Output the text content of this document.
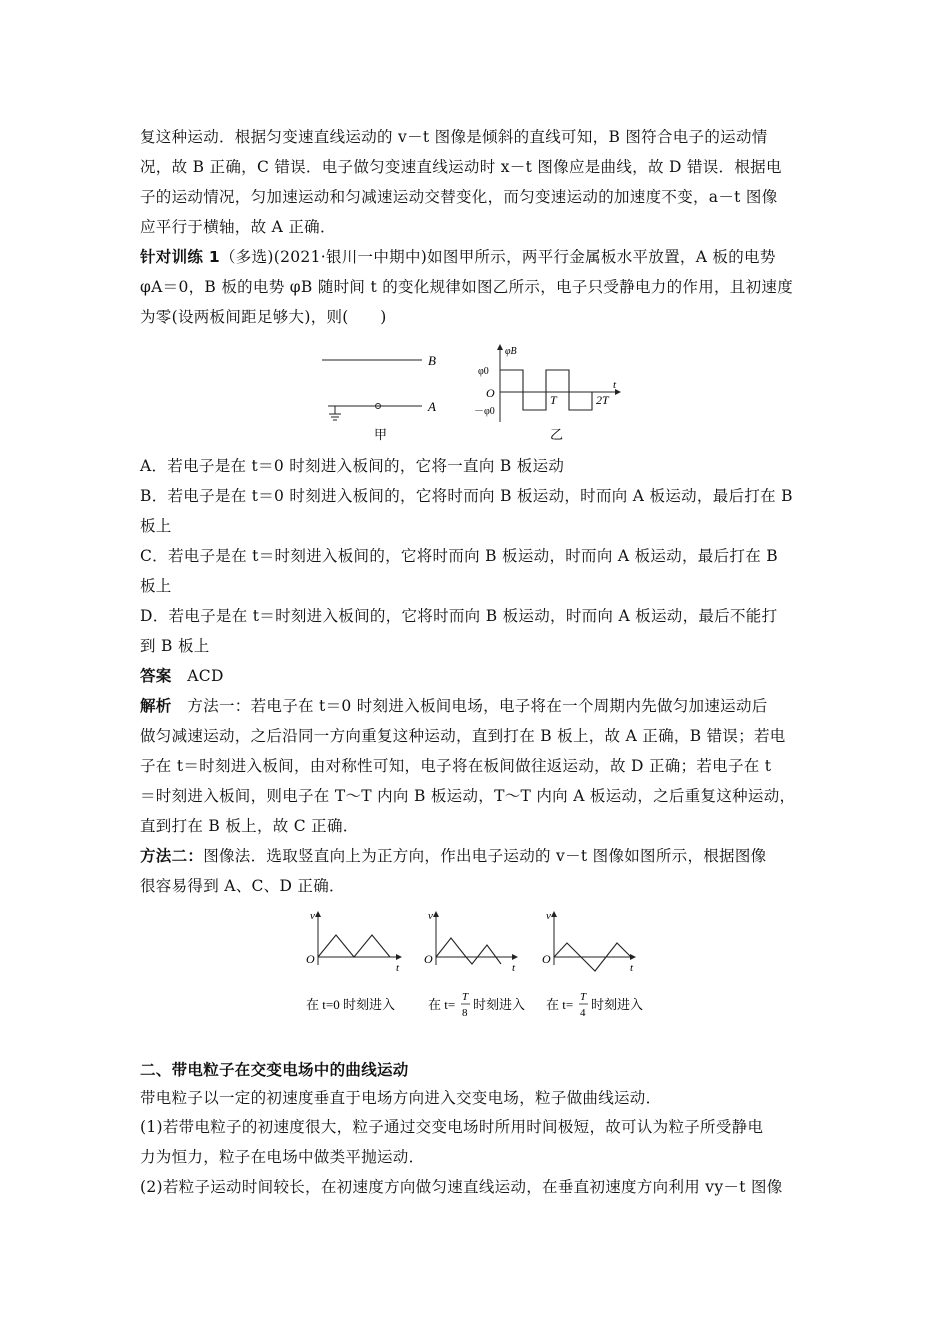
复这种运动．根据匀变速直线运动的 v－t 图像是倾斜的直线可知，B 图符合电子的运动情
况，故 B 正确，C 错误．电子做匀变速直线运动时 x－t 图像应是曲线，故 D 错误．根据电
子的运动情况，匀加速运动和匀减速运动交替变化，而匀变速运动的加速度不变，a－t 图像
应平行于横轴，故 A 正确．
针对训练 1（多选)(2021·银川一中期中)如图甲所示，两平行金属板水平放置，A 板的电势
φA＝0，B 板的电势 φB 随时间 t 的变化规律如图乙所示，电子只受静电力的作用，且初速度
为零(设两板间距足够大)，则(　　)
B
A
甲
φB
t
φ0
－φ0
O	T	2T
乙
A．若电子是在 t＝0 时刻进入板间的，它将一直向 B 板运动
B．若电子是在 t＝0 时刻进入板间的，它将时而向 B 板运动，时而向 A 板运动，最后打在 B
板上
C．若电子是在 t＝时刻进入板间的，它将时而向 B 板运动，时而向 A 板运动，最后打在 B
板上
D．若电子是在 t＝时刻进入板间的，它将时而向 B 板运动，时而向 A 板运动，最后不能打
到 B 板上
答案 ACD
解析　方法一：若电子在 t＝0 时刻进入板间电场，电子将在一个周期内先做匀加速运动后
做匀减速运动，之后沿同一方向重复这种运动，直到打在 B 板上，故 A 正确，B 错误；若电
子在 t＝时刻进入板间，由对称性可知，电子将在板间做往返运动，故 D 正确；若电子在 t
＝时刻进入板间，则电子在 T～T 内向 B 板运动，T～T 内向 A 板运动，之后重复这种运动，
直到打在 B 板上，故 C 正确．
方法二：图像法．选取竖直向上为正方向，作出电子运动的 v－t 图像如图所示，根据图像
很容易得到 A、C、D 正确．
v
t
O
v
t
O
v
t
O
在 t=0 时刻进入	在 t= T
8
时刻进入 在 t= T
4
时刻进入
二、带电粒子在交变电场中的曲线运动
带电粒子以一定的初速度垂直于电场方向进入交变电场，粒子做曲线运动．
(1)若带电粒子的初速度很大，粒子通过交变电场时所用时间极短，故可认为粒子所受静电
力为恒力，粒子在电场中做类平抛运动．
(2)若粒子运动时间较长，在初速度方向做匀速直线运动，在垂直初速度方向利用 vy－t 图像
